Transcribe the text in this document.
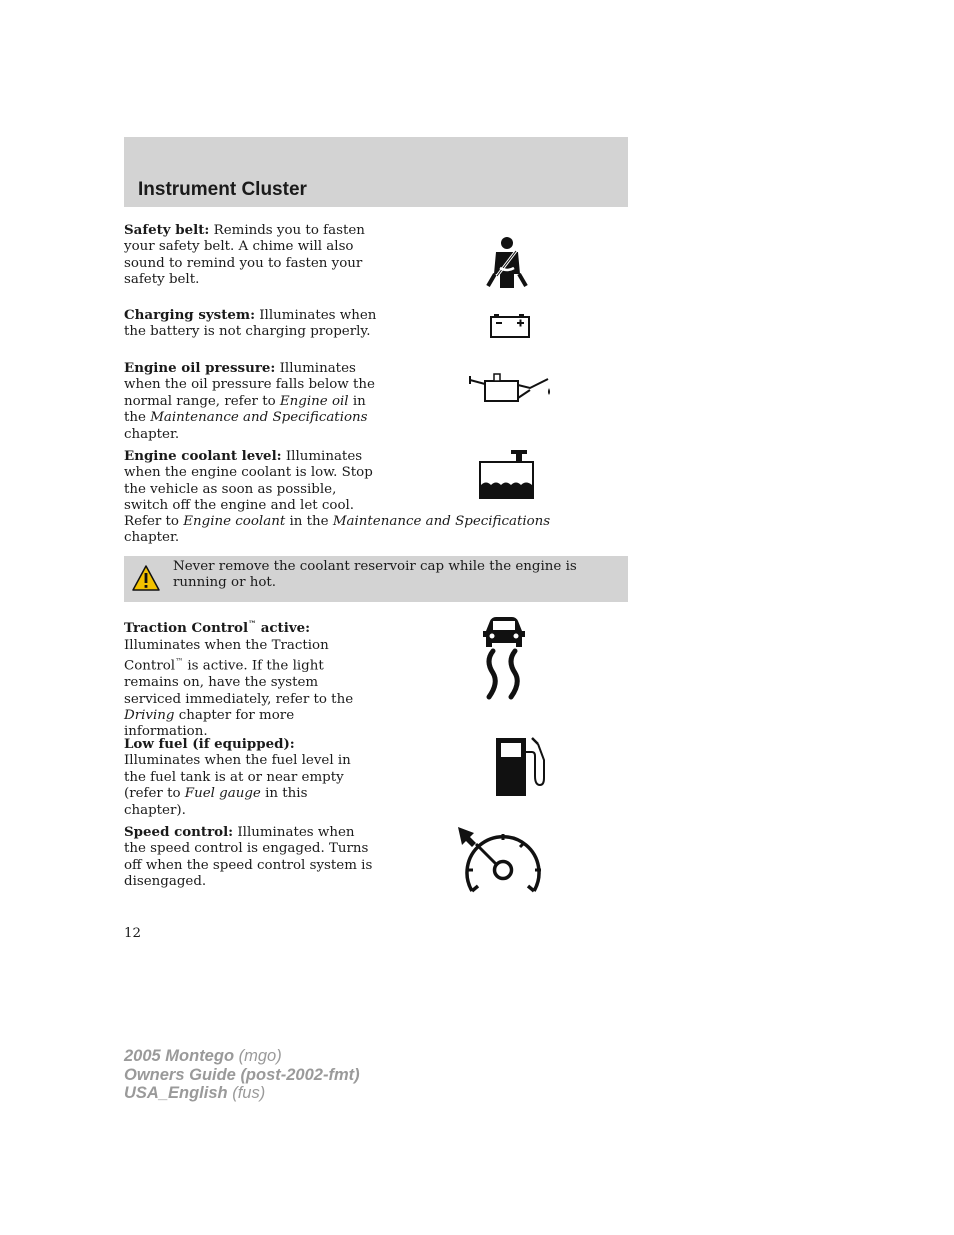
Instrument Cluster

Safety belt: Reminds you to fasten your safety belt. A chime will also sound to remind you to fasten your safety belt.

Charging system: Illuminates when the battery is not charging properly.

Engine oil pressure: Illuminates when the oil pressure falls below the normal range, refer to Engine oil in the Maintenance and Specifications chapter.

Engine coolant level: Illuminates when the engine coolant is low. Stop the vehicle as soon as possible, switch off the engine and let cool.

Refer to Engine coolant in the Maintenance and Specifications chapter.

Never remove the coolant reservoir cap while the engine is running or hot.

Traction Control™ active:
Illuminates when the Traction Control™ is active. If the light remains on, have the system serviced immediately, refer to the Driving chapter for more information.

Low fuel (if equipped):
Illuminates when the fuel level in the fuel tank is at or near empty (refer to Fuel gauge in this chapter).

Speed control: Illuminates when the speed control is engaged. Turns off when the speed control system is disengaged.

12

2005 Montego (mgo)
Owners Guide (post-2002-fmt)
USA_English (fus)
